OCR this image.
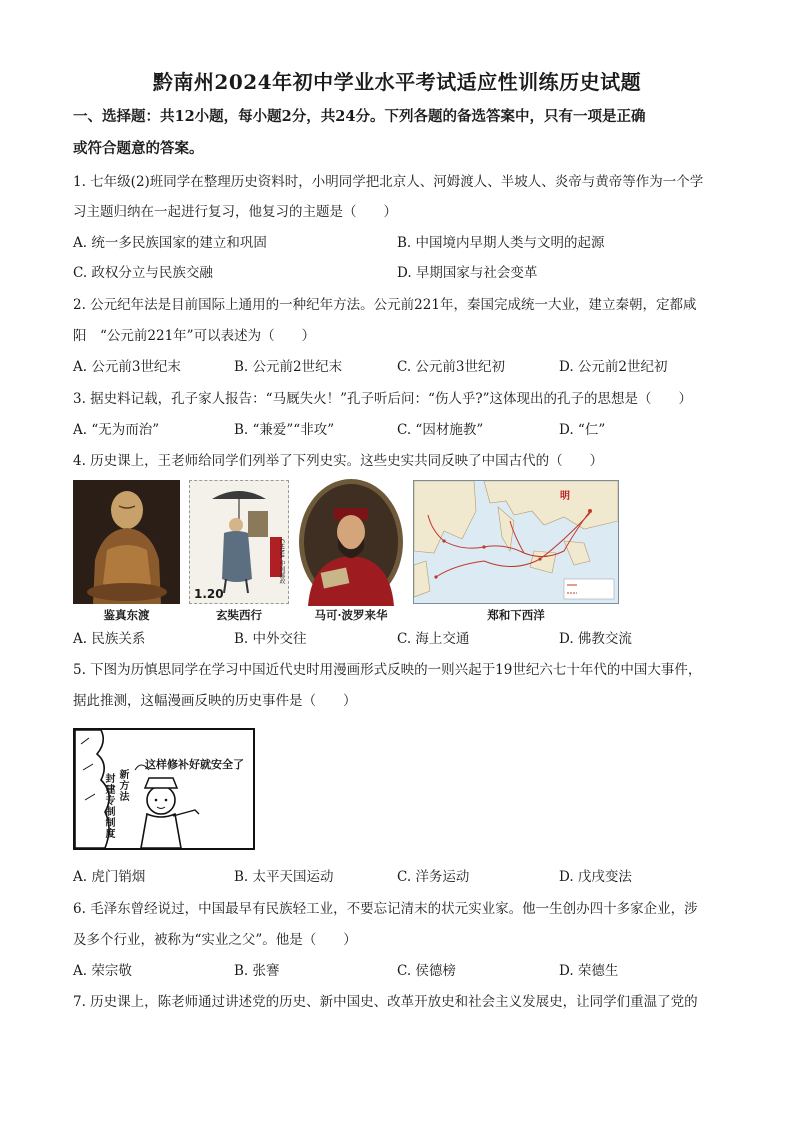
黔南州2024年初中学业水平考试适应性训练历史试题
一、选择题：共12小题，每小题2分，共24分。下列各题的备选答案中，只有一项是正确
或符合题意的答案。
1. 七年级(2)班同学在整理历史资料时，小明同学把北京人、河姆渡人、半坡人、炎帝与黄帝等作为一个学
习主题归纳在一起进行复习，他复习的主题是（　　）
A. 统一多民族国家的建立和巩固	B. 中国境内早期人类与文明的起源
C. 政权分立与民族交融	D. 早期国家与社会变革
2. 公元纪年法是目前国际上通用的一种纪年方法。公元前221年，秦国完成统一大业，建立秦朝，定都咸
阳　“公元前221年”可以表述为（　　）
A. 公元前3世纪末	B. 公元前2世纪末	C. 公元前3世纪初	D. 公元前2世纪初
3. 据史料记载，孔子家人报告：“马厩失火！”孔子听后问：“伤人乎?”这体现出的孔子的思想是（　　）
A. “无为而治”	B. “兼爱”“非攻”	C. “因材施教”	D. “仁”
4. 历史课上，王老师给同学们列举了下列史实。这些史实共同反映了中国古代的（　　）
鉴真东渡
1.20
CHINA 中国邮政
玄奘西行	马可·波罗来华
明
郑和下西洋
A. 民族关系	B. 中外交往	C. 海上交通	D. 佛教交流
5. 下图为历慎思同学在学习中国近代史时用漫画形式反映的一则兴起于19世纪六七十年代的中国大事件，
据此推测，这幅漫画反映的历史事件是（　　）
这样修补好就安全了
封建专制制度
新方法
A. 虎门销烟	B. 太平天国运动	C. 洋务运动	D. 戊戌变法
6. 毛泽东曾经说过，中国最早有民族轻工业，不要忘记清末的状元实业家。他一生创办四十多家企业，涉
及多个行业，被称为“实业之父”。他是（　　）
A. 荣宗敬	B. 张謇	C. 侯德榜	D. 荣德生
7. 历史课上，陈老师通过讲述党的历史、新中国史、改革开放史和社会主义发展史，让同学们重温了党的
